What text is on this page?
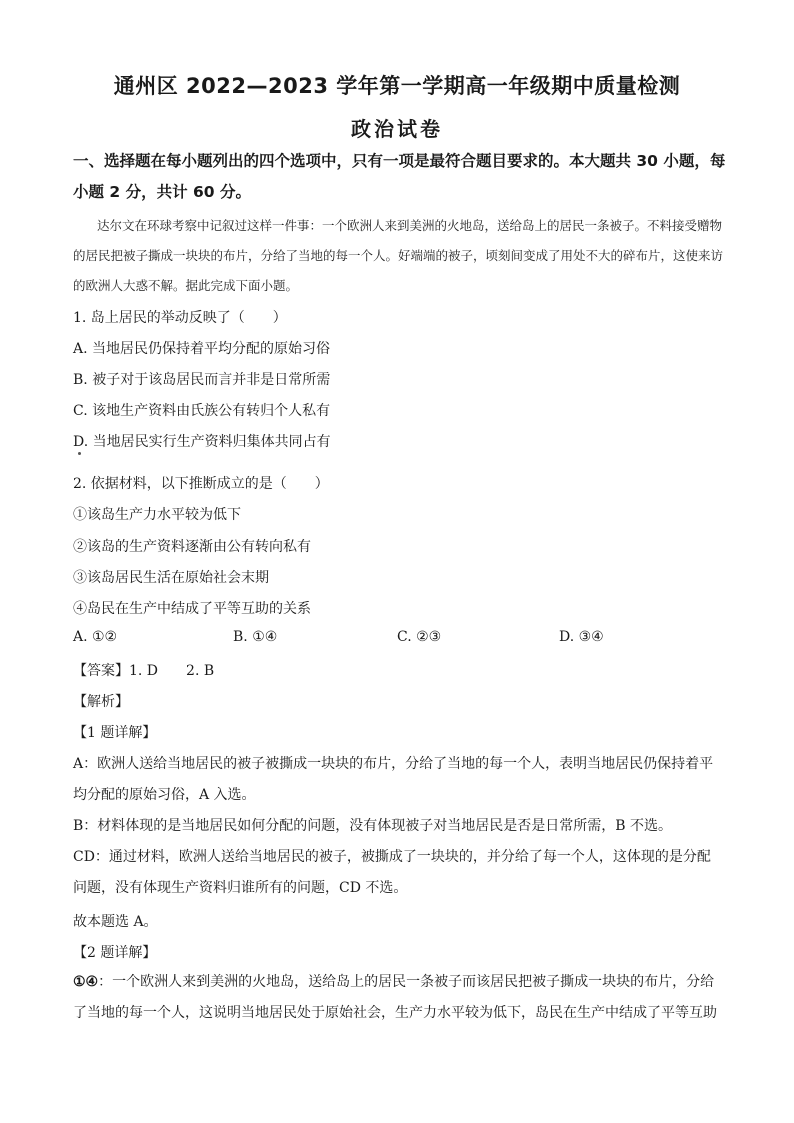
通州区 2022—2023 学年第一学期高一年级期中质量检测
政治试卷
一、选择题在每小题列出的四个选项中，只有一项是最符合题目要求的。本大题共 30 小题，每小题 2 分，共计 60 分。
达尔文在环球考察中记叙过这样一件事：一个欧洲人来到美洲的火地岛，送给岛上的居民一条被子。不料接受赠物的居民把被子撕成一块块的布片，分给了当地的每一个人。好端端的被子，顷刻间变成了用处不大的碎布片，这使来访的欧洲人大惑不解。据此完成下面小题。
1. 岛上居民的举动反映了（　　）
A. 当地居民仍保持着平均分配的原始习俗
B. 被子对于该岛居民而言并非是日常所需
C. 该地生产资料由氏族公有转归个人私有
D. 当地居民实行生产资料归集体共同占有
2. 依据材料，以下推断成立的是（　　）
①该岛生产力水平较为低下
②该岛的生产资料逐渐由公有转向私有
③该岛居民生活在原始社会末期
④岛民在生产中结成了平等互助的关系
A. ①②	B. ①④	C. ②③	D. ③④
【答案】1. D　　2. B
【解析】
【1 题详解】
A：欧洲人送给当地居民的被子被撕成一块块的布片，分给了当地的每一个人，表明当地居民仍保持着平均分配的原始习俗，A 入选。
B：材料体现的是当地居民如何分配的问题，没有体现被子对当地居民是否是日常所需，B 不选。
CD：通过材料，欧洲人送给当地居民的被子，被撕成了一块块的，并分给了每一个人，这体现的是分配问题，没有体现生产资料归谁所有的问题，CD 不选。
故本题选 A。
【2 题详解】
①④：一个欧洲人来到美洲的火地岛，送给岛上的居民一条被子而该居民把被子撕成一块块的布片，分给了当地的每一个人，这说明当地居民处于原始社会，生产力水平较为低下，岛民在生产中结成了平等互助
